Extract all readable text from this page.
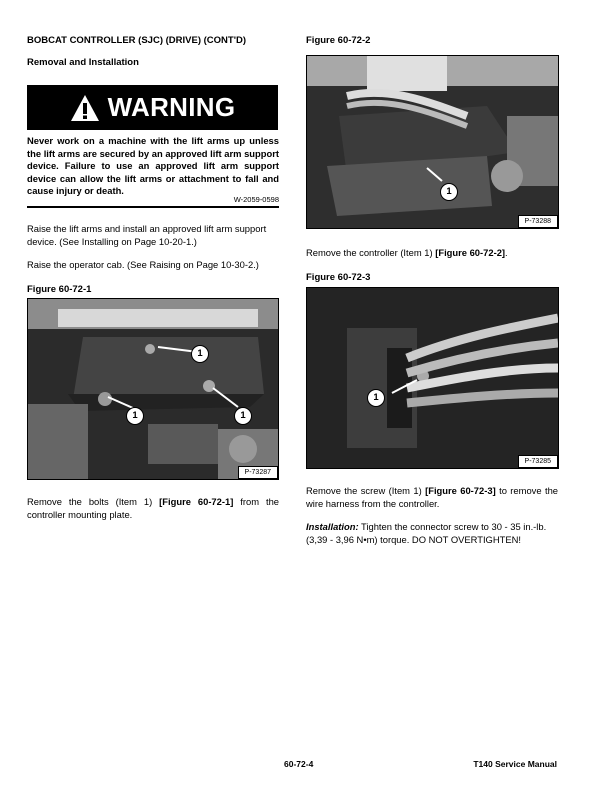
BOBCAT CONTROLLER (SJC) (DRIVE) (CONT'D)
Removal and Installation
WARNING
Never work on a machine with the lift arms up unless the lift arms are secured by an approved lift arm support device. Failure to use an approved lift arm support device can allow the lift arms or attachment to fall and cause injury or death.
W-2059-0598
Raise the lift arms and install an approved lift arm support device. (See Installing on Page 10-20-1.)
Raise the operator cab. (See Raising on Page 10-30-2.)
Figure 60-72-1
1
1	1
P-73287
Remove the bolts (Item 1) [Figure 60-72-1] from the controller mounting plate.
Figure 60-72-2
1
P-73288
Remove the controller (Item 1) [Figure 60-72-2].
Figure 60-72-3
1
P-73285
Remove the screw (Item 1) [Figure 60-72-3] to remove the wire harness from the controller.
Installation: Tighten the connector screw to 30 - 35 in.-lb. (3,39 - 3,96 N•m) torque. DO NOT OVERTIGHTEN!
60-72-4	T140 Service Manual
